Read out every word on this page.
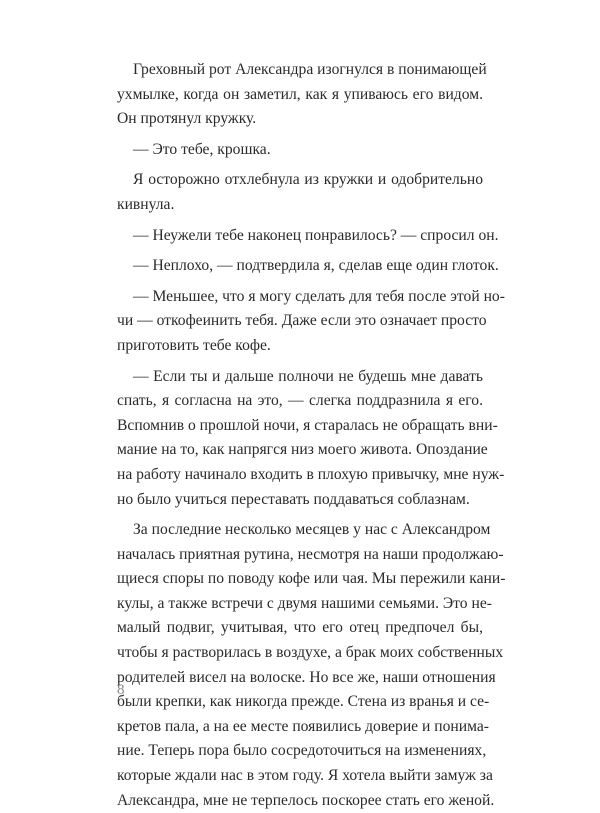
Греховный рот Александра изогнулся в понимающей
ухмылке, когда он заметил, как я упиваюсь его видом.
Он протянул кружку.
— Это тебе, крошка.
Я осторожно отхлебнула из кружки и одобрительно
кивнула.
— Неужели тебе наконец понравилось? — спросил он.
— Неплохо, — подтвердила я, сделав еще один глоток.
— Меньшее, что я могу сделать для тебя после этой но-
чи — откофеинить тебя. Даже если это означает просто
приготовить тебе кофе.
— Если ты и дальше полночи не будешь мне давать
спать, я согласна на это, — слегка поддразнила я его.
Вспомнив о прошлой ночи, я старалась не обращать вни-
мание на то, как напрягся низ моего живота. Опоздание
на работу начинало входить в плохую привычку, мне нуж-
но было учиться переставать поддаваться соблазнам.
За последние несколько месяцев у нас с Александром
началась приятная рутина, несмотря на наши продолжаю-
щиеся споры по поводу кофе или чая. Мы пережили кани-
кулы, а также встречи с двумя нашими семьями. Это не-
малый подвиг, учитывая, что его отец предпочел бы,
чтобы я растворилась в воздухе, а брак моих собственных
родителей висел на волоске. Но все же, наши отношения
были крепки, как никогда прежде. Стена из вранья и се-
кретов пала, а на ее месте появились доверие и понима-
ние. Теперь пора было сосредоточиться на изменениях,
которые ждали нас в этом году. Я хотела выйти замуж за
Александра, мне не терпелось поскорее стать его женой.
8
